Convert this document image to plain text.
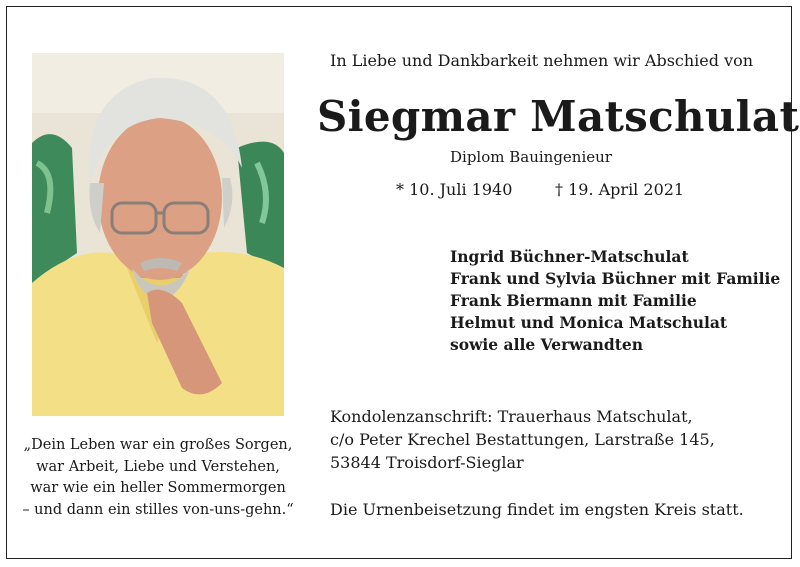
In Liebe und Dankbarkeit nehmen wir Abschied von
Siegmar Matschulat
Diplom Bauingenieur
* 10. Juli 1940	† 19. April 2021
Ingrid Büchner-Matschulat
Frank und Sylvia Büchner mit Familie
Frank Biermann mit Familie
Helmut und Monica Matschulat
sowie alle Verwandten
Kondolenzanschrift: Trauerhaus Matschulat,
c/o Peter Krechel Bestattungen, Larstraße 145,
53844 Troisdorf-Sieglar
Die Urnenbeisetzung findet im engsten Kreis statt.
„Dein Leben war ein großes Sorgen,
war Arbeit, Liebe und Verstehen,
war wie ein heller Sommermorgen
– und dann ein stilles von-uns-gehn.“
